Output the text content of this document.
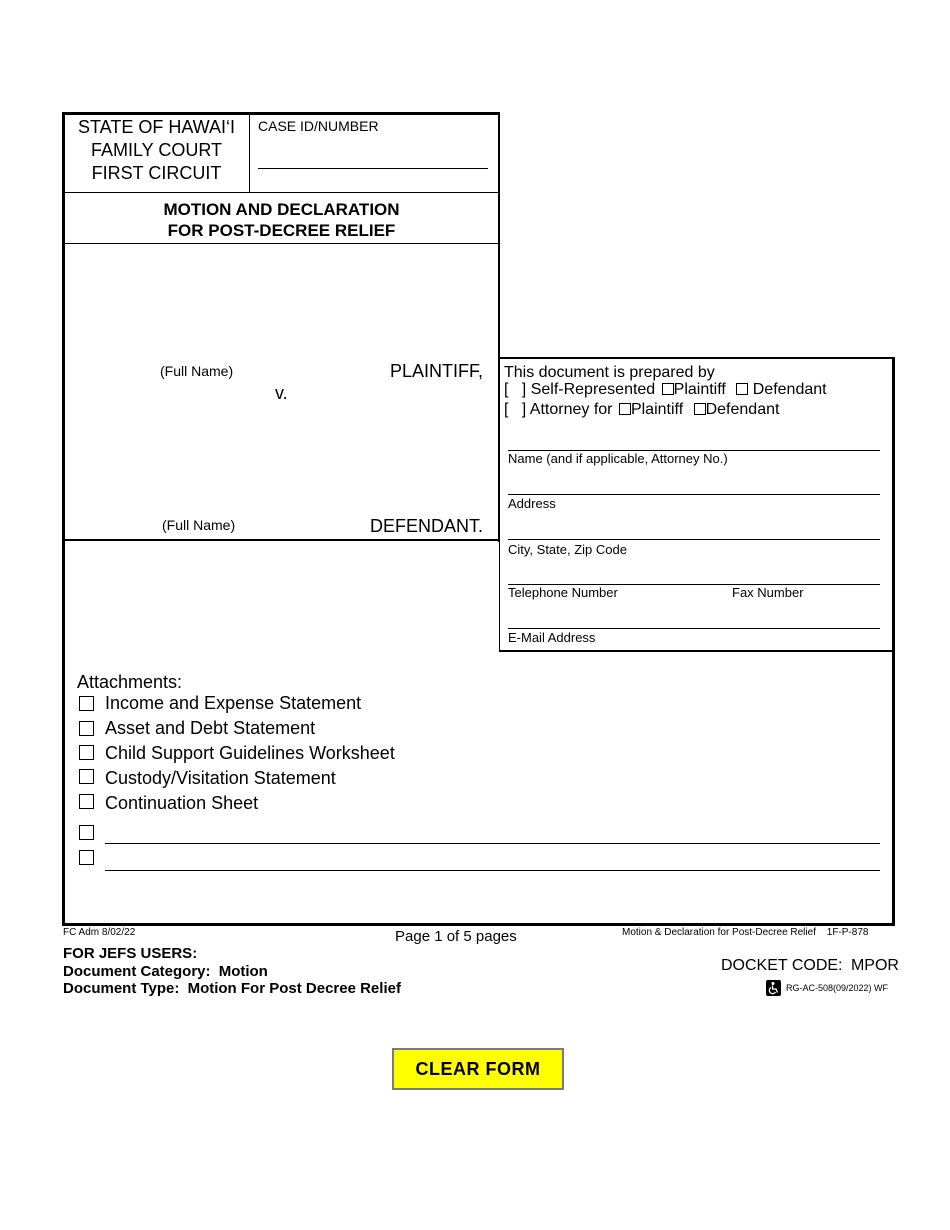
STATE OF HAWAI‘I
FAMILY COURT
FIRST CIRCUIT
CASE ID/NUMBER
MOTION AND DECLARATION
FOR POST-DECREE RELIEF
(Full Name)	PLAINTIFF,
v.
(Full Name)	DEFENDANT.
This document is prepared by
[   ] Self-Represented Plaintiff Defendant
[   ] Attorney for Plaintiff Defendant
Name (and if applicable, Attorney No.)
Address
City, State, Zip Code
Telephone Number	Fax Number
E-Mail Address
Attachments:
Income and Expense Statement
Asset and Debt Statement
Child Support Guidelines Worksheet
Custody/Visitation Statement
Continuation Sheet
FC Adm 8/02/22	Page 1 of 5 pages	Motion & Declaration for Post-Decree Relief 1F-P-878
FOR JEFS USERS:
Document Category: Motion
Document Type: Motion For Post Decree Relief
DOCKET CODE: MPOR
RG-AC-508(09/2022) WF
CLEAR FORM
